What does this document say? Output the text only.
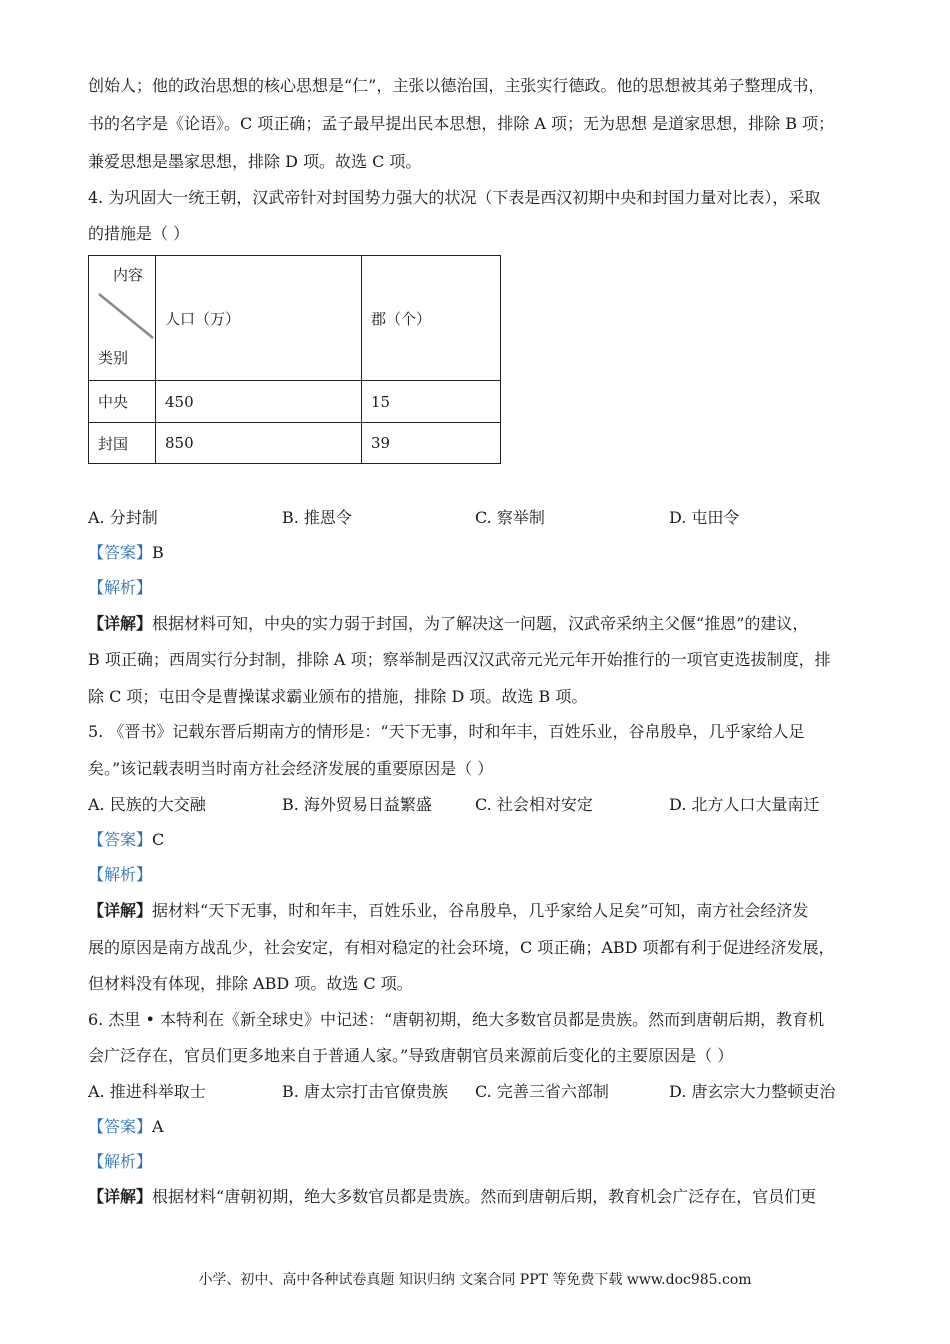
创始人；他的政治思想的核心思想是“仁”，主张以德治国，主张实行德政。他的思想被其弟子整理成书，
书的名字是《论语》。C 项正确；孟子最早提出民本思想，排除 A 项；无为思想 是道家思想，排除 B 项；
兼爱思想是墨家思想，排除 D 项。故选 C 项。
4. 为巩固大一统王朝，汉武帝针对封国势力强大的状况（下表是西汉初期中央和封国力量对比表），采取
的措施是（ ）
内容
类别	人口（万）	郡（个）
中央	450	15
封国	850	39
A. 分封制	B. 推恩令	C. 察举制	D. 屯田令
【答案】B
【解析】
【详解】根据材料可知，中央的实力弱于封国，为了解决这一问题，汉武帝采纳主父偃“推恩”的建议，
B 项正确；西周实行分封制，排除 A 项；察举制是西汉汉武帝元光元年开始推行的一项官吏选拔制度，排
除 C 项；屯田令是曹操谋求霸业颁布的措施，排除 D 项。故选 B 项。
5. 《晋书》记载东晋后期南方的情形是：“天下无事，时和年丰，百姓乐业，谷帛殷阜，几乎家给人足
矣。”该记载表明当时南方社会经济发展的重要原因是（ ）
A. 民族的大交融	B. 海外贸易日益繁盛	C. 社会相对安定	D. 北方人口大量南迁
【答案】C
【解析】
【详解】据材料“天下无事，时和年丰，百姓乐业，谷帛殷阜，几乎家给人足矣”可知，南方社会经济发
展的原因是南方战乱少，社会安定，有相对稳定的社会环境，C 项正确；ABD 项都有利于促进经济发展，
但材料没有体现，排除 ABD 项。故选 C 项。
6. 杰里 • 本特利在《新全球史》中记述：“唐朝初期，绝大多数官员都是贵族。然而到唐朝后期，教育机
会广泛存在，官员们更多地来自于普通人家。”导致唐朝官员来源前后变化的主要原因是（ ）
A. 推进科举取士	B. 唐太宗打击官僚贵族 C. 完善三省六部制	D. 唐玄宗大力整顿吏治
【答案】A
【解析】
【详解】根据材料“唐朝初期，绝大多数官员都是贵族。然而到唐朝后期，教育机会广泛存在，官员们更
小学、初中、高中各种试卷真题 知识归纳 文案合同 PPT 等免费下载 www.doc985.com
